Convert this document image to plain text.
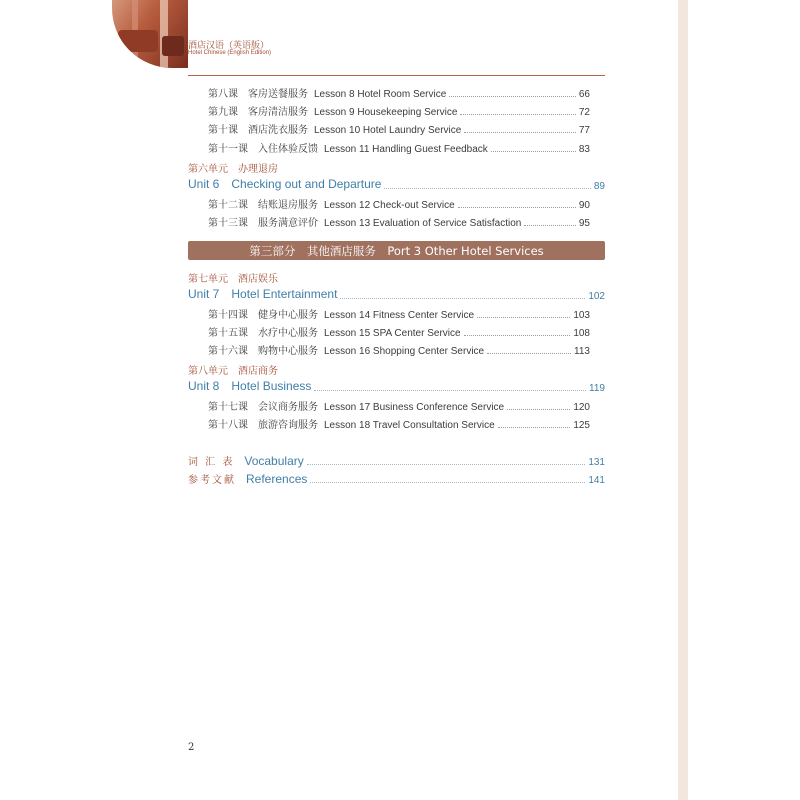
酒店汉语（英语版）
Hotel Chinese (English Edition)
第八课　客房送餐服务 Lesson 8 Hotel Room Service	66
第九课　客房清洁服务 Lesson 9 Housekeeping Service	72
第十课　酒店洗衣服务 Lesson 10 Hotel Laundry Service	77
第十一课　入住体验反馈 Lesson 11 Handling Guest Feedback	83
第六单元　办理退房
Unit 6　Checking out and Departure	89
第十二课　结账退房服务 Lesson 12 Check-out Service	90
第十三课　服务满意评价 Lesson 13 Evaluation of Service Satisfaction	95
第三部分　其他酒店服务　Port 3 Other Hotel Services
第七单元　酒店娱乐
Unit 7　Hotel Entertainment	102
第十四课　健身中心服务 Lesson 14 Fitness Center Service	103
第十五课　水疗中心服务 Lesson 15 SPA Center Service	108
第十六课　购物中心服务 Lesson 16 Shopping Center Service	113
第八单元　酒店商务
Unit 8　Hotel Business	119
第十七课　会议商务服务 Lesson 17 Business Conference Service	120
第十八课　旅游咨询服务 Lesson 18 Travel Consultation Service	125
词 汇 表 Vocabulary	131
参考文献 References	141
2
